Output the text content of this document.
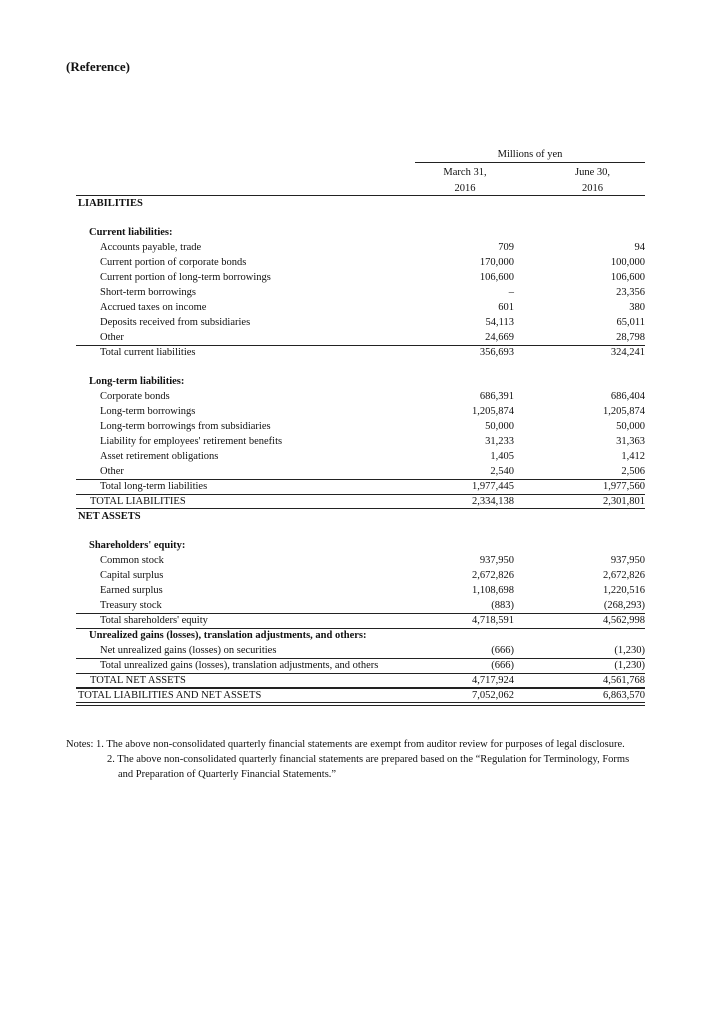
(Reference)
Millions of yen
March 31,
2016
June 30,
2016
LIABILITIES
Current liabilities:
Accounts payable, trade	709	94
Current portion of corporate bonds	170,000	100,000
Current portion of long-term borrowings	106,600	106,600
Short-term borrowings	–	23,356
Accrued taxes on income	601	380
Deposits received from subsidiaries	54,113	65,011
Other	24,669	28,798
Total current liabilities	356,693	324,241
Long-term liabilities:
Corporate bonds	686,391	686,404
Long-term borrowings	1,205,874	1,205,874
Long-term borrowings from subsidiaries	50,000	50,000
Liability for employees' retirement benefits	31,233	31,363
Asset retirement obligations	1,405	1,412
Other	2,540	2,506
Total long-term liabilities	1,977,445	1,977,560
TOTAL LIABILITIES	2,334,138	2,301,801
NET ASSETS
Shareholders' equity:
Common stock	937,950	937,950
Capital surplus	2,672,826	2,672,826
Earned surplus	1,108,698	1,220,516
Treasury stock	(883)	(268,293)
Total shareholders' equity	4,718,591	4,562,998
Unrealized gains (losses), translation adjustments, and others:
Net unrealized gains (losses) on securities	(666)	(1,230)
Total unrealized gains (losses), translation adjustments, and others	(666)	(1,230)
TOTAL NET ASSETS	4,717,924	4,561,768
TOTAL LIABILITIES AND NET ASSETS	7,052,062	6,863,570
Notes: 1. The above non-consolidated quarterly financial statements are exempt from auditor review for purposes of legal disclosure.
2. The above non-consolidated quarterly financial statements are prepared based on the “Regulation for Terminology, Forms
and Preparation of Quarterly Financial Statements.”
